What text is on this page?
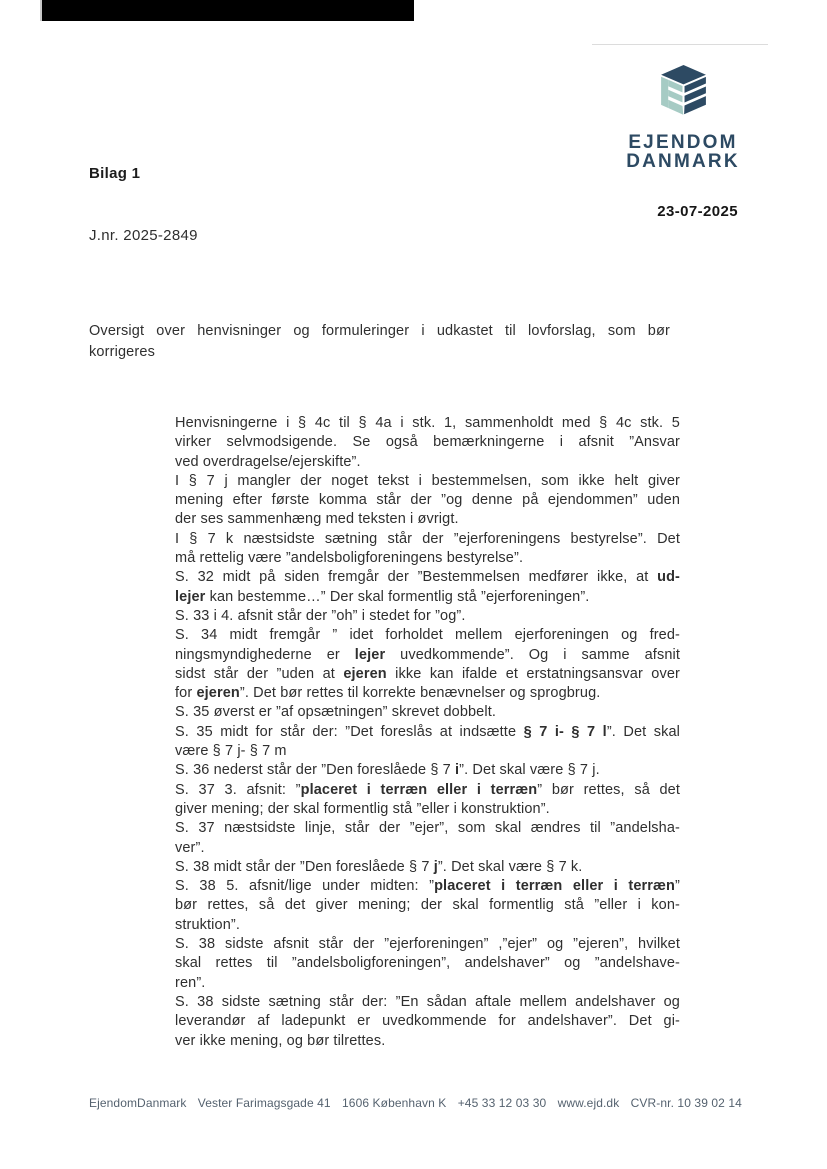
EJENDOM
DANMARK
Bilag 1
23-07-2025
J.nr. 2025-2849
Oversigt over henvisninger og formuleringer i udkastet til lovforslag, som bør
korrigeres
Henvisningerne i § 4c til § 4a i stk. 1, sammenholdt med § 4c stk. 5
virker selvmodsigende. Se også bemærkningerne i afsnit ”Ansvar
ved overdragelse/ejerskifte”.
I § 7 j mangler der noget tekst i bestemmelsen, som ikke helt giver
mening efter første komma står der ”og denne på ejendommen” uden
der ses sammenhæng med teksten i øvrigt.
I § 7 k næstsidste sætning står der ”ejerforeningens bestyrelse”. Det
må rettelig være ”andelsboligforeningens bestyrelse”.
S. 32 midt på siden fremgår der ”Bestemmelsen medfører ikke, at ud-
lejer kan bestemme…” Der skal formentlig stå ”ejerforeningen”.
S. 33 i 4. afsnit står der ”oh” i stedet for ”og”.
S. 34 midt fremgår ” idet forholdet mellem ejerforeningen og fred-
ningsmyndighederne er lejer uvedkommende”. Og i samme afsnit
sidst står der ”uden at ejeren ikke kan ifalde et erstatningsansvar over
for ejeren”. Det bør rettes til korrekte benævnelser og sprogbrug.
S. 35 øverst er ”af opsætningen” skrevet dobbelt.
S. 35 midt for står der: ”Det foreslås at indsætte § 7 i- § 7 l”. Det skal
være § 7 j- § 7 m
S. 36 nederst står der ”Den foreslåede § 7 i”. Det skal være § 7 j.
S. 37 3. afsnit: ”placeret i terræn eller i terræn” bør rettes, så det
giver mening; der skal formentlig stå ”eller i konstruktion”.
S. 37 næstsidste linje, står der ”ejer”, som skal ændres til ”andelsha-
ver”.
S. 38 midt står der ”Den foreslåede § 7 j”. Det skal være § 7 k.
S. 38 5. afsnit/lige under midten: ”placeret i terræn eller i terræn”
bør rettes, så det giver mening; der skal formentlig stå ”eller i kon-
struktion”.
S. 38 sidste afsnit står der ”ejerforeningen” ,”ejer” og ”ejeren”, hvilket
skal rettes til ”andelsboligforeningen”, andelshaver” og ”andelshave-
ren”.
S. 38 sidste sætning står der: ”En sådan aftale mellem andelshaver og
leverandør af ladepunkt er uvedkommende for andelshaver”. Det gi-
ver ikke mening, og bør tilrettes.
EjendomDanmark Vester Farimagsgade 41 1606 København K +45 33 12 03 30 www.ejd.dk CVR-nr. 10 39 02 14
